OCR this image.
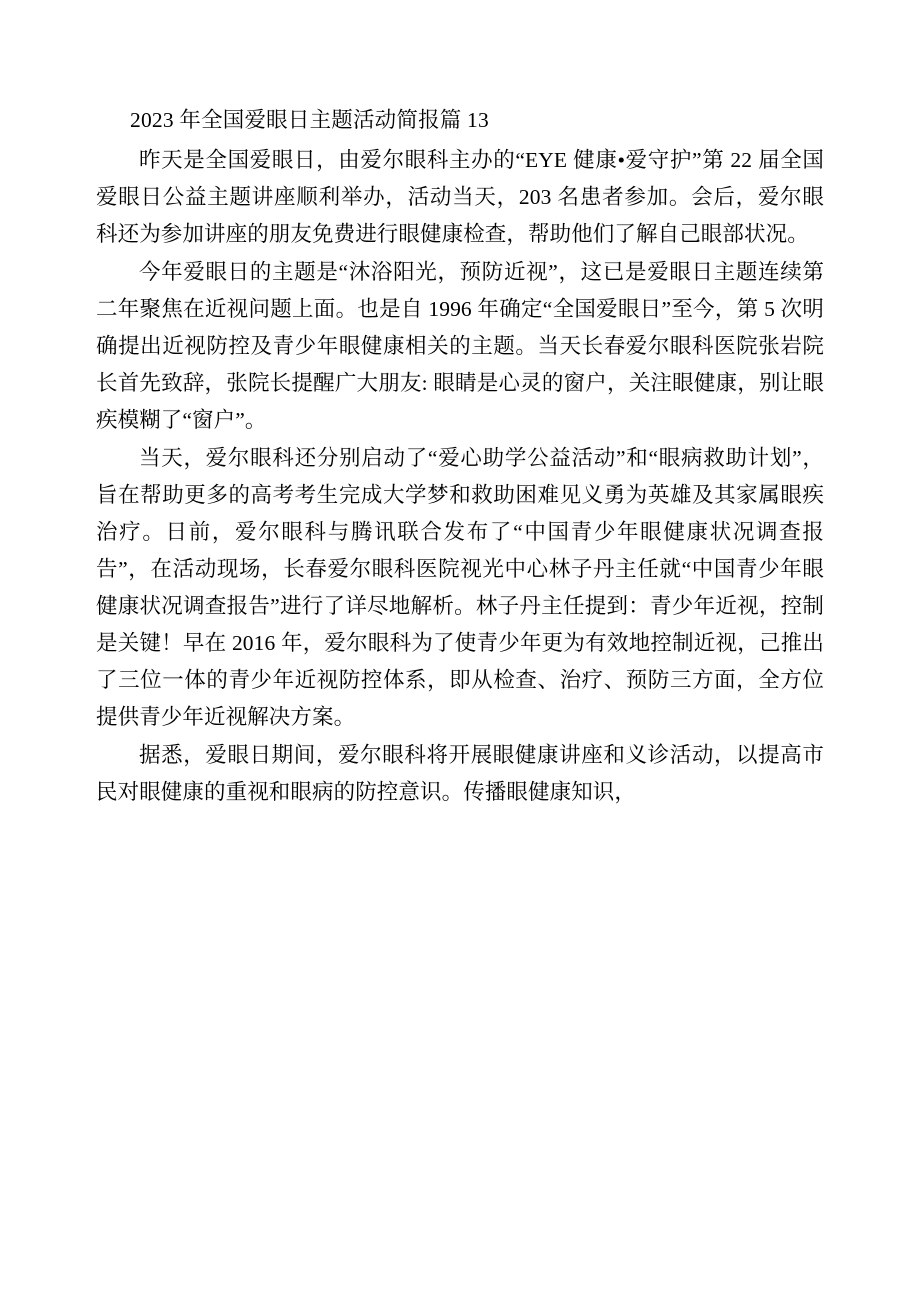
2023 年全国爱眼日主题活动简报篇 13

昨天是全国爱眼日，由爱尔眼科主办的“EYE 健康•爱守护”第 22 届全国爱眼日公益主题讲座顺利举办，活动当天，203 名患者参加。会后，爱尔眼科还为参加讲座的朋友免费进行眼健康检查，帮助他们了解自己眼部状况。

今年爱眼日的主题是“沐浴阳光，预防近视”，这已是爱眼日主题连续第二年聚焦在近视问题上面。也是自 1996 年确定“全国爱眼日”至今，第 5 次明确提出近视防控及青少年眼健康相关的主题。当天长春爱尔眼科医院张岩院长首先致辞，张院长提醒广大朋友: 眼睛是心灵的窗户，关注眼健康，别让眼疾模糊了“窗户”。

当天，爱尔眼科还分别启动了“爱心助学公益活动”和“眼病救助计划”，旨在帮助更多的高考考生完成大学梦和救助困难见义勇为英雄及其家属眼疾治疗。日前，爱尔眼科与腾讯联合发布了“中国青少年眼健康状况调查报告”，在活动现场，长春爱尔眼科医院视光中心林子丹主任就“中国青少年眼健康状况调查报告”进行了详尽地解析。林子丹主任提到：青少年近视，控制是关键！早在 2016 年，爱尔眼科为了使青少年更为有效地控制近视，己推出了三位一体的青少年近视防控体系，即从检查、治疗、预防三方面，全方位提供青少年近视解决方案。

据悉，爱眼日期间，爱尔眼科将开展眼健康讲座和义诊活动，以提高市民对眼健康的重视和眼病的防控意识。传播眼健康知识，
